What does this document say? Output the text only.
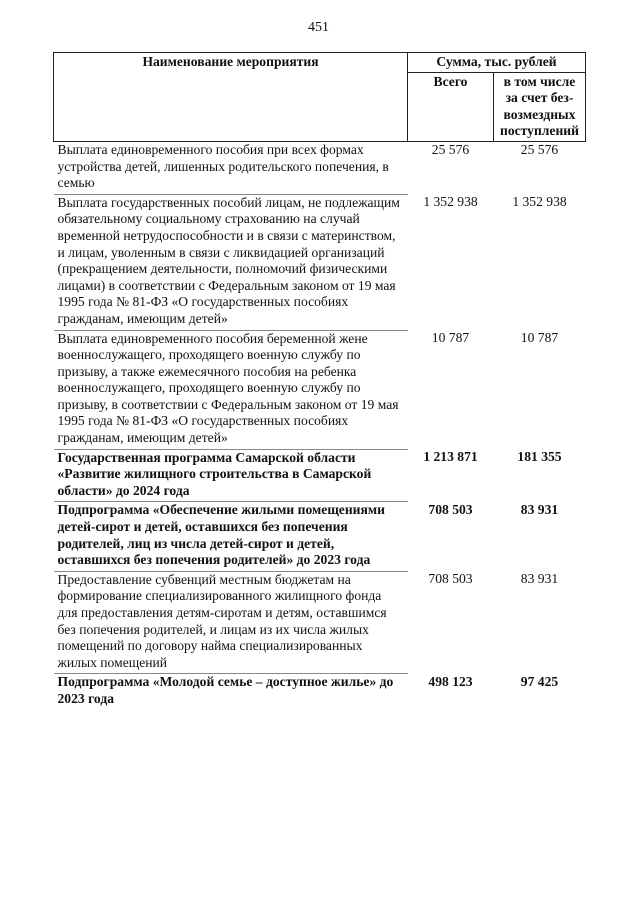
451
Наименование мероприятия	Сумма, тыс. рублей	
	Всего	в том числе за счет без-возмездных поступлений
Выплата единовременного пособия при всех формах устройства детей, лишенных родительского попечения, в семью	25 576	25 576
Выплата государственных пособий лицам, не подлежащим обязательному социальному страхованию на случай временной нетрудоспособности и в связи с материнством, и лицам, уволенным в связи с ликвидацией организаций (прекращением деятельности, полномочий физическими лицами) в соответствии с Федеральным законом от 19 мая 1995 года № 81-ФЗ «О государственных пособиях гражданам, имеющим детей»	1 352 938	1 352 938
Выплата единовременного пособия беременной жене военнослужащего, проходящего военную службу по призыву, а также ежемесячного пособия на ребенка военнослужащего, проходящего военную службу по призыву, в соответствии с Федеральным законом от 19 мая 1995 года № 81-ФЗ «О государственных пособиях гражданам, имеющим детей»	10 787	10 787
Государственная программа Самарской области «Развитие жилищного строительства в Самарской области» до 2024 года	1 213 871	181 355
Подпрограмма «Обеспечение жилыми помещениями детей-сирот и детей, оставшихся без попечения родителей, лиц из числа детей-сирот и детей, оставшихся без попечения родителей» до 2023 года	708 503	83 931
Предоставление субвенций местным бюджетам на формирование специализированного жилищного фонда для предоставления детям-сиротам и детям, оставшимся без попечения родителей, и лицам из их числа жилых помещений по договору найма специализированных жилых помещений	708 503	83 931
Подпрограмма «Молодой семье – доступное жилье» до 2023 года	498 123	97 425
